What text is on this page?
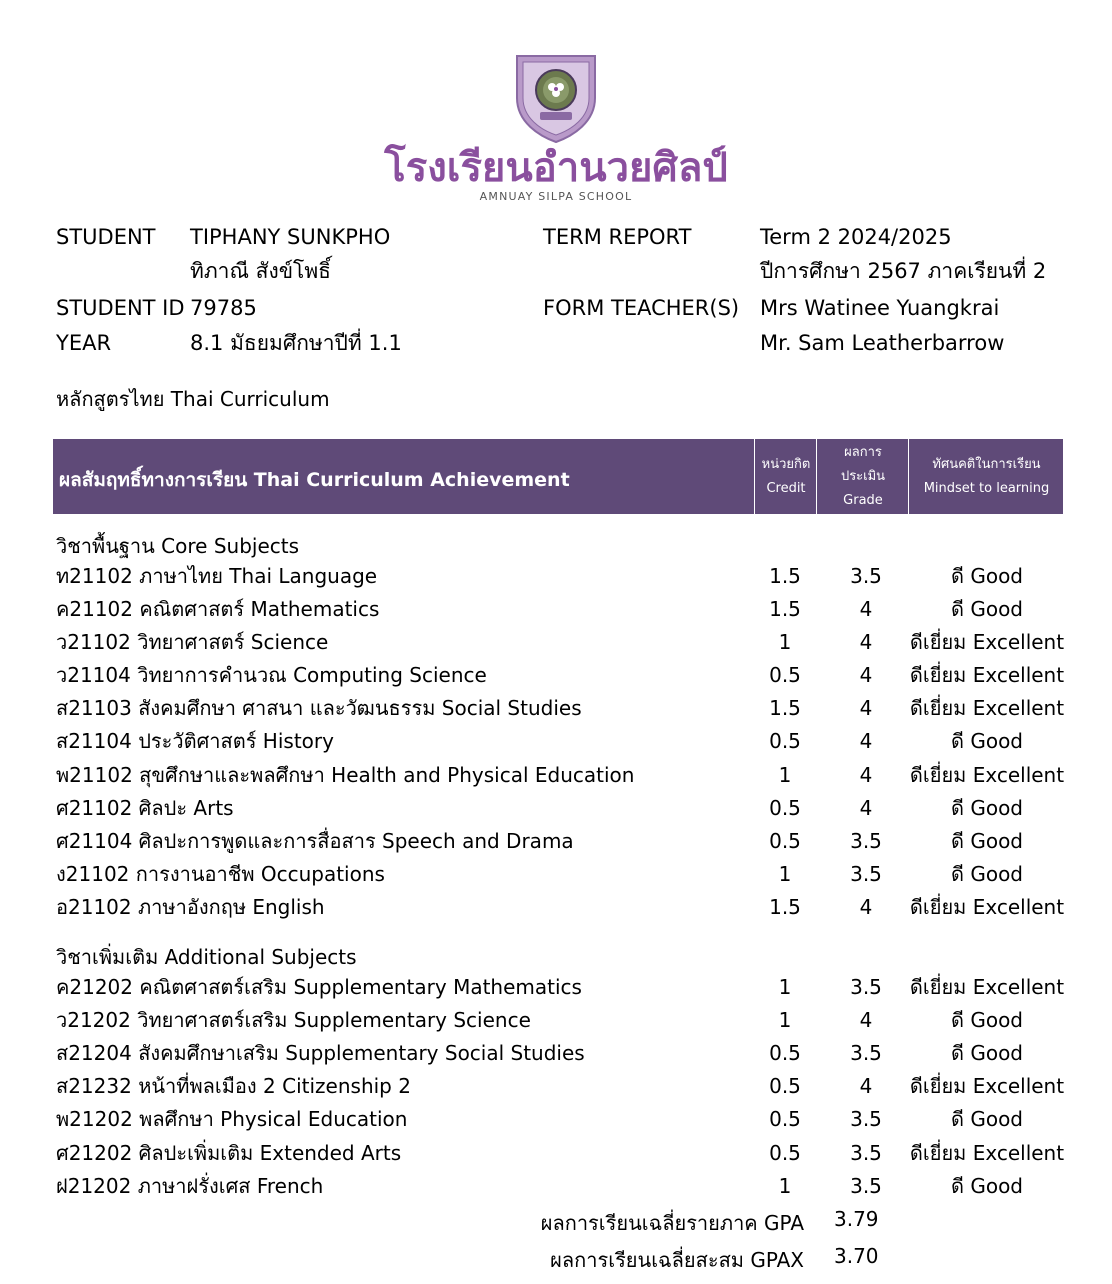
โรงเรียนอำนวยศิลป์
AMNUAY SILPA SCHOOL
STUDENT TIPHANY SUNKPHO
ทิภาณี สังข์โพธิ์
STUDENT ID 79785
YEAR	8.1 มัธยมศึกษาปีที่ 1.1
TERM REPORT	Term 2 2024/2025
ปีการศึกษา 2567 ภาคเรียนที่ 2
FORM TEACHER(S) Mrs Watinee Yuangkrai
Mr. Sam Leatherbarrow
หลักสูตรไทย Thai Curriculum
ผลสัมฤทธิ์ทางการเรียน Thai Curriculum Achievement
หน่วยกิต
Credit
ผลการ
ประเมิน
Grade
ทัศนคติในการเรียน
Mindset to learning
วิชาพื้นฐาน Core Subjects
ท21102 ภาษาไทย Thai Language	1.5	3.5	ดี Good
ค21102 คณิตศาสตร์ Mathematics	1.5	4	ดี Good
ว21102 วิทยาศาสตร์ Science	1	4	ดีเยี่ยม Excellent
ว21104 วิทยาการคำนวณ Computing Science	0.5	4	ดีเยี่ยม Excellent
ส21103 สังคมศึกษา ศาสนา และวัฒนธรรม Social Studies	1.5	4	ดีเยี่ยม Excellent
ส21104 ประวัติศาสตร์ History	0.5	4	ดี Good
พ21102 สุขศึกษาและพลศึกษา Health and Physical Education	1	4	ดีเยี่ยม Excellent
ศ21102 ศิลปะ Arts	0.5	4	ดี Good
ศ21104 ศิลปะการพูดและการสื่อสาร Speech and Drama	0.5	3.5	ดี Good
ง21102 การงานอาชีพ Occupations	1	3.5	ดี Good
อ21102 ภาษาอังกฤษ English	1.5	4	ดีเยี่ยม Excellent
วิชาเพิ่มเติม Additional Subjects
ค21202 คณิตศาสตร์เสริม Supplementary Mathematics	1	3.5	ดีเยี่ยม Excellent
ว21202 วิทยาศาสตร์เสริม Supplementary Science	1	4	ดี Good
ส21204 สังคมศึกษาเสริม Supplementary Social Studies	0.5	3.5	ดี Good
ส21232 หน้าที่พลเมือง 2 Citizenship 2	0.5	4	ดีเยี่ยม Excellent
พ21202 พลศึกษา Physical Education	0.5	3.5	ดี Good
ศ21202 ศิลปะเพิ่มเติม Extended Arts	0.5	3.5	ดีเยี่ยม Excellent
ฝ21202 ภาษาฝรั่งเศส French	1	3.5	ดี Good
ผลการเรียนเฉลี่ยรายภาค GPA 3.79
ผลการเรียนเฉลี่ยสะสม GPAX 3.70
